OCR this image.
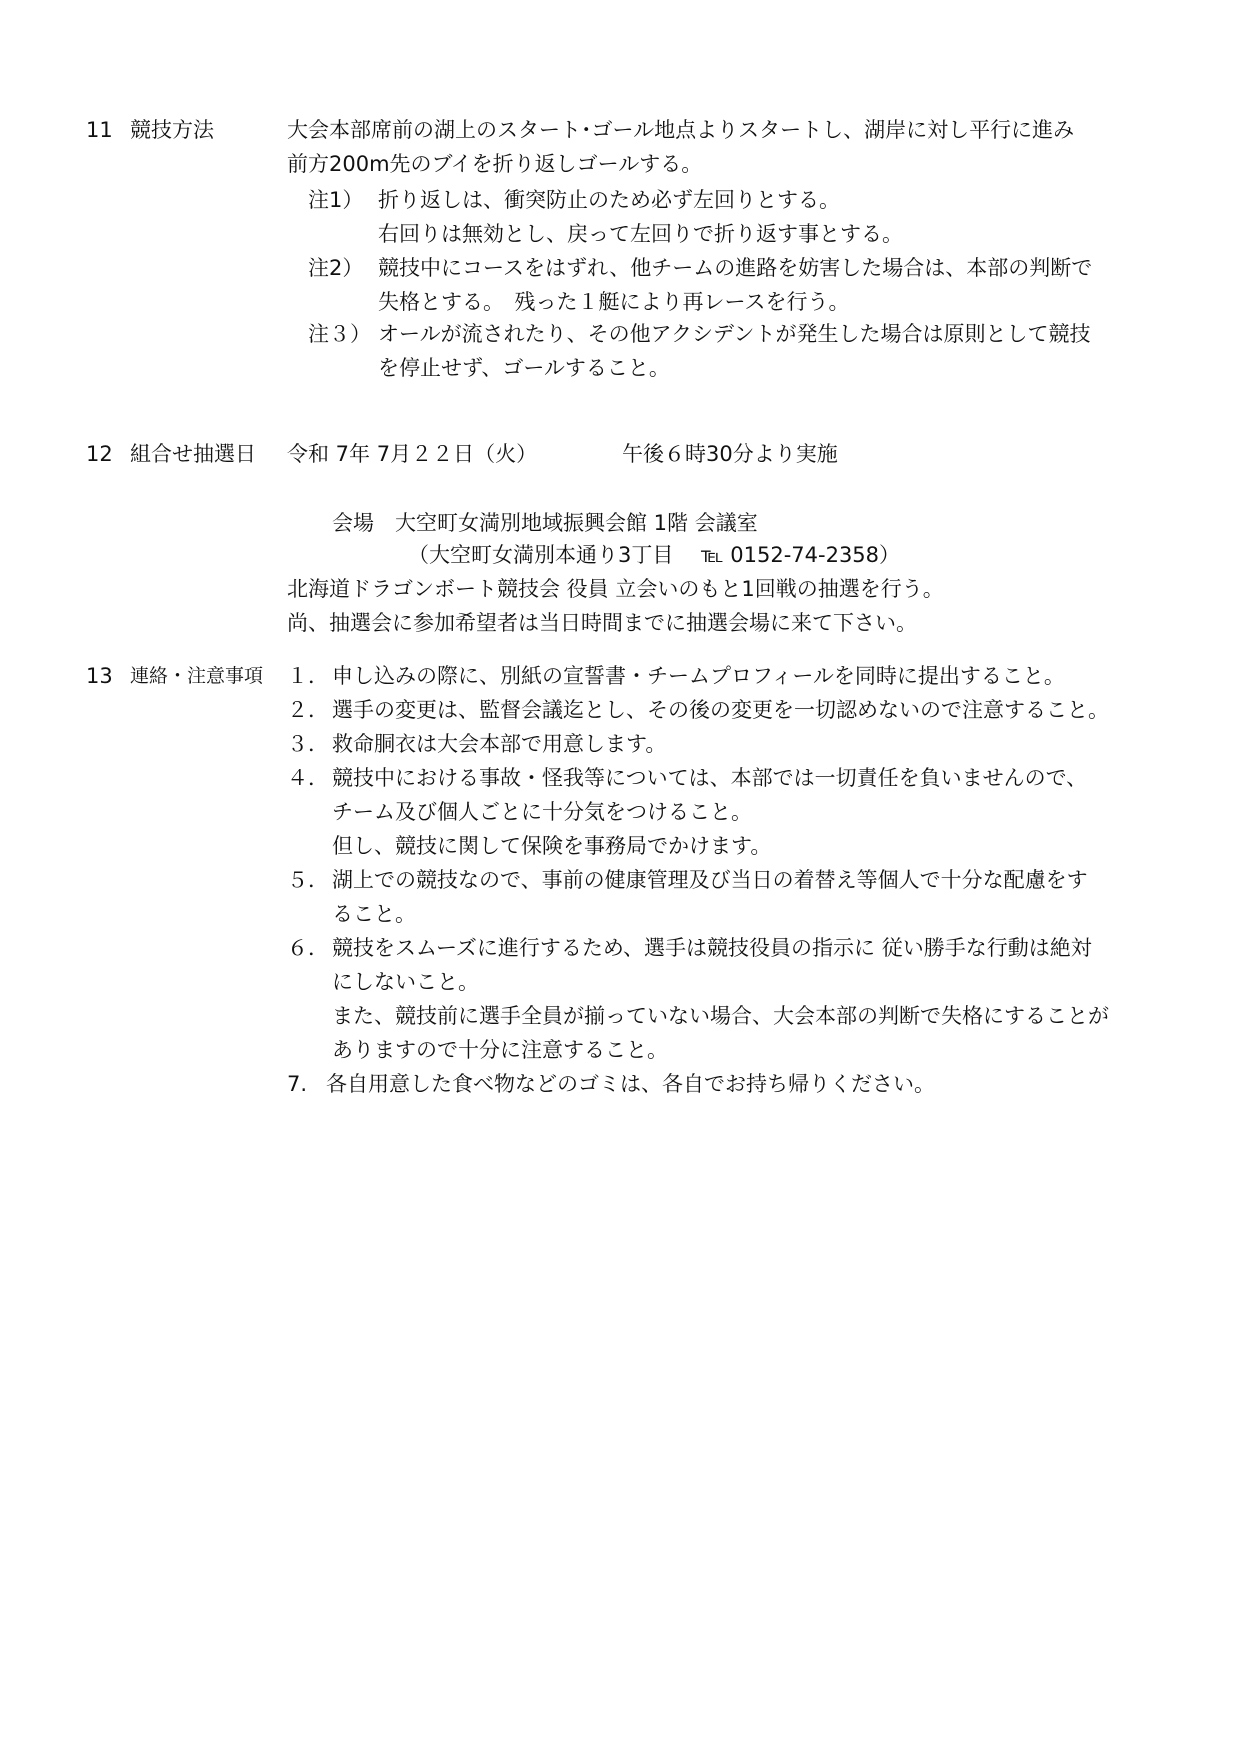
11 競技方法	大会本部席前の湖上のスタート･ゴール地点よりスタートし、湖岸に対し平行に進み
前方200m先のブイを折り返しゴールする。
注1） 折り返しは、衝突防止のため必ず左回りとする。
右回りは無効とし、戻って左回りで折り返す事とする。
注2） 競技中にコースをはずれ、他チームの進路を妨害した場合は、本部の判断で
失格とする。　残った１艇により再レースを行う。
注３） オールが流されたり、その他アクシデントが発生した場合は原則として競技
を停止せず、ゴールすること。
12 組合せ抽選日 令和 7年 7月２２日（火）	午後６時30分より実施
会場　大空町女満別地域振興会館 1階 会議室
（大空町女満別本通り3丁目　 ℡ 0152-74-2358）
北海道ドラゴンボート競技会 役員 立会いのもと1回戦の抽選を行う。
尚、抽選会に参加希望者は当日時間までに抽選会場に来て下さい。
13 連絡・注意事項 １． 申し込みの際に、別紙の宣誓書・チームプロフィールを同時に提出すること。
２． 選手の変更は、監督会議迄とし、その後の変更を一切認めないので注意すること。
３． 救命胴衣は大会本部で用意します。
４． 競技中における事故・怪我等については、本部では一切責任を負いませんので、
チーム及び個人ごとに十分気をつけること。
但し、競技に関して保険を事務局でかけます。
５． 湖上での競技なので、事前の健康管理及び当日の着替え等個人で十分な配慮をす
ること。
６． 競技をスムーズに進行するため、選手は競技役員の指示に 従い勝手な行動は絶対
にしないこと。
また、競技前に選手全員が揃っていない場合、大会本部の判断で失格にすることが
ありますので十分に注意すること。
7. 各自用意した食べ物などのゴミは、各自でお持ち帰りください。
